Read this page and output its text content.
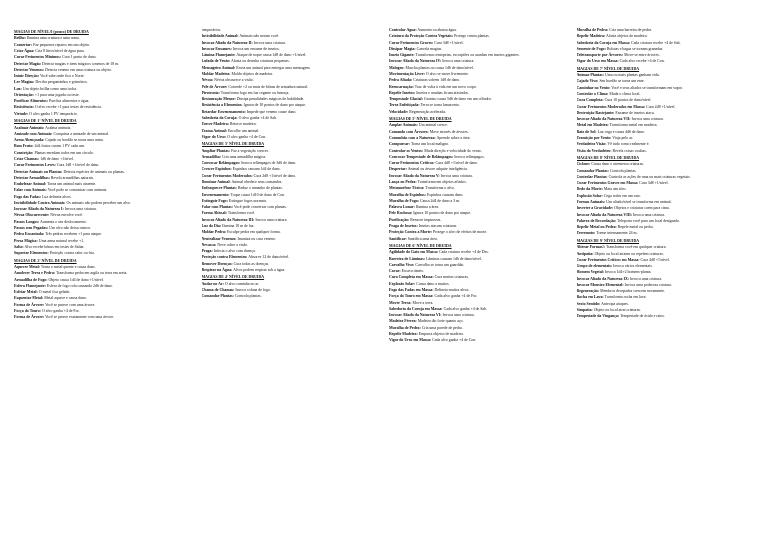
MAGIAS DE NÍVEL 0 (pouco) DE DRUIDA
Brilho: Ilumina uma criatura e uma arma.
Consertar: Faz pequenos reparos em um objeto.
Criar Água: Cria 8 litros/nível de água pura.
Curar Ferimentos Mínimos: Cura 1 ponto de dano.
Detectar Magia: Detecta magias e itens mágicos a menos de 18 m.
Detectar Venenos: Detecta veneno em uma criatura ou objeto.
Intuir Direção: Você sabe onde fica o Norte.
Ler Magias: Decifra pergaminhos e grimórios.
Luz: Um objeto brilha como uma tocha.
Orientação: +1 para uma jogada ou teste.
Purificar Alimentos: Purifica alimentos e água.
Resistência: O alvo recebe +1 para testes de resistência.
Virtude: O alvo ganha 1 PV temporário.
MAGIAS DE 1º NÍVEL DE DRUIDA
Acalmar Animais: Acalma animais.
Amizade com Animais: Conquista a amizade de um animal.
Arma Abençoada: Cajado ou bordão se torna uma arma.
Bom Fruto: 2d4 frutos curam 1 PV cada um.
Constrição: Plantas enredam todos em um círculo.
Criar Chamas: 1d6 de dano +1/nível.
Curar Ferimentos Leves: Cura 1d8 +1/nível de dano.
Detectar Animais ou Plantas: Detecta espécies de animais ou plantas.
Detectar Armadilhas: Revela armadilhas naturais.
Embelezar Animal: Torna um animal mais atraente.
Falar com Animais: Você pode se comunicar com animais.
Fogo das Fadas: Luz delineia alvos.
Invisibilidade Contra Animais: Os animais não podem perceber um alvo.
Invocar Aliado da Natureza I: Invoca uma criatura.
Névoa Obscurecente: Névoa envolve você.
Passos Longos: Aumenta o seu deslocamento.
Passos sem Pegadas: Um alvo não deixa rastros.
Pedra Encantada: Três pedras recebem +1 para ataque.
Presa Mágica: Uma arma natural recebe +1.
Salto: Alvo recebe bônus em testes de Saltar.
Suportar Elementos: Proteção contra calor ou frio.
MAGIAS DE 2º NÍVEL DE DRUIDA
Aquecer Metal: Torna o metal quente e causa dano.
Amolecer Terra e Pedra: Transforma pedra em argila ou terra em areia.
Armadilha de Fogo: Objeto causa 1d4 de dano +1/nível.
Esfera Flamejante: Esfera de fogo rola causando 2d6 de dano.
Esfriar Metal: O metal fica gelado.
Esquentar Metal: Metal aquece e causa dano.
Forma de Árvore: Você se parece com uma árvore.
Força do Touro: O alvo ganha +4 de For.
Forma de Árvore: Você se parece exatamente com uma árvore.
temporários.
Invisibilidade Animal: Animais não notam você.
Invocar Aliado da Natureza II: Invoca uma criatura.
Invocar Enxames: Invoca um enxame de insetos.
Lâmina Flamejante: Ataque de toque causa 1d8 de dano +1/nível.
Lufada de Vento: Afasta ou derruba criaturas pequenas.
Mensageiro Animal: Envia um animal para entregar uma mensagem.
Moldar Madeira: Molda objetos de madeira.
Névoa: Névoa obscurece a visão.
Pele de Árvore: Concede +2 ou mais de bônus de armadura natural.
Pirotecnia: Transforma fogo em luz cegante ou fumaça.
Restauração Menor: Dissipa penalidades mágicas de habilidade.
Resistência a Elementos: Ignora de 10 pontos de dano por ataque.
Retardar Envenenamento: Impede que veneno cause dano.
Sabedoria da Coruja: O alvo ganha +4 de Sab.
Torcer Madeira: Retorce madeira.
Trama Animal: Encolhe um animal.
Vigor do Urso: O alvo ganha +4 de Con.
MAGIAS DE 3º NÍVEL DE DRUIDA
Ampliar Plantas: Faz a vegetação crescer.
Armadilha: Cria uma armadilha mágica.
Convocar Relâmpagos: Invoca relâmpagos de 3d6 de dano.
Crescer Espinhos: Espinhos causam 1d4 de dano.
Curar Ferimentos Moderados: Cura 2d8 +1/nível de dano.
Dominar Animal: Animal obedece seus comandos.
Enfraquecer Plantas: Reduz o tamanho de plantas.
Envenenamento: Toque causa 1d10 de dano de Con.
Extinguir Fogo: Extingue fogos normais.
Falar com Plantas: Você pode conversar com plantas.
Forma Abissal: Transforma você.
Invocar Aliado da Natureza III: Invoca uma criatura.
Luz do Dia: Ilumina 18 m de luz.
Moldar Pedra: Esculpe pedra em qualquer forma.
Neutralizar Venenos: Imuniza ou cura veneno.
Nevasca: Neve cobre a visão.
Praga: Infecta o alvo com doença.
Proteção contra Elementos: Absorve 12 de dano/nível.
Remover Doenças: Cura todas as doenças.
Respirar na Água: Alvos podem respirar sob a água.
MAGIAS DE 4º NÍVEL DE DRUIDA
Andar no Ar: O alvo caminha no ar.
Chama de Chamas: Invoca coluna de fogo.
Comandar Plantas: Controla plantas.
Controlar Água: Aumenta ou abaixa água.
Criatura da Proteção Contra Vegetais: Protege contra plantas.
Curar Ferimentos Graves: Cura 3d8 +1/nível.
Dissipar Magia: Cancela magias.
Inseto Gigante: Transforma centopeias, escorpiões ou aranhas em insetos gigantes.
Invocar Aliado da Natureza IV: Invoca uma criatura.
Malogro: Murcha plantas ou causa 1d6 de dano/nível.
Movimentação Livre: O alvo se move livremente.
Pedra Afiada: Criaturas sofrem 1d8 de dano.
Reencarnação: Traz de volta à vida em um novo corpo.
Repelir Insetos: Insetos e aranhas ficam afastados.
Tempestade Glacial: Granizo causa 5d6 de dano em um cilindro.
Terra Enfeitiçada: Terra se torna lamacenta.
Velocidade: Regeneração acelerada.
MAGIAS DE 5º NÍVEL DE DRUIDA
Amplar Animais: Um animal cresce.
Comando com Árvores: Move através de árvores.
Comunhão com a Natureza: Aprende sobre a área.
Conspurcar: Torna um local maligno.
Controlar os Ventos: Muda direção e velocidade do vento.
Convocar Tempestade de Relâmpagos: Invoca relâmpagos.
Curar Ferimentos Críticos: Cura 4d8 +1/nível de dano.
Despertar: Animal ou árvore adquire inteligência.
Invocar Aliado da Natureza V: Invoca uma criatura.
Lança ou Pedra: Transforma em objetos afiados.
Metamorfose Tóxica: Transforma o alvo.
Muralha de Espinhos: Espinhos causam dano.
Muralha de Fogo: Causa 2d4 de dano a 3 m.
Palavra Lunar: Ilumina a área.
Pele Rochosa: Ignora 10 pontos de dano por ataque.
Purificação: Remove impurezas.
Praga de Insetos: Insetos atacam criaturas.
Proteção Contra a Morte: Protege o alvo de efeitos de morte.
Santificar: Santifica uma área.
MAGIAS DE 6º NÍVEL DE DRUIDA
Agilidade do Gato em Massa: Cada criatura recebe +4 de Des.
Barreira de Lâminas: Lâminas causam 1d6 de dano/nível.
Carvalho Vivo: Carvalho se torna um guardião.
Cavar: Escava túneis.
Cura Completa em Massa: Cura muitas criaturas.
Explosão Solar: Causa dano a muitos.
Fogo das Fadas em Massa: Delineia muitos alvos.
Força do Touro em Massa: Cada alvo ganha +4 de For.
Mover Terra: Move a terra.
Sabedoria da Coruja em Massa: Cada alvo ganha +4 de Sab.
Invocar Aliado da Natureza VI: Invoca uma criatura.
Madeira Férrea: Madeira tão forte quanto aço.
Muralha de Pedra: Cria uma parede de pedra.
Repelir Madeira: Empurra objetos de madeira.
Vigor do Urso em Massa: Cada alvo ganha +4 de Con.
Muralha de Pedra: Cria uma barreira de pedra.
Repelir Madeira: Afasta objetos de madeira.
Sabedoria da Coruja em Massa: Cada criatura recebe +4 de Sab.
Semente de Fogo: Bolotas e bagas se tornam granadas.
Teletransporte por Árvores: Move-se entre árvores.
Vigor do Urso em Massa: Cada alvo recebe +4 de Con.
MAGIAS DE 7º NÍVEL DE DRUIDA
Animar Plantas: Uma ou mais plantas ganham vida.
Cajado Vivo: Seu bordão se torna um ente.
Caminhar no Vento: Você e seus aliados se transformam em vapor.
Controlar o Clima: Muda o clima local.
Cura Completa: Cura 10 pontos de dano/nível.
Curar Ferimentos Moderados em Massa: Cura 2d8 +1/nível.
Destruição Rastejante: Enxame de insetos ataca.
Invocar Aliado da Natureza VII: Invoca uma criatura.
Metal em Madeira: Transforma metal em madeira.
Raio de Sol: Luz cega e causa 4d6 de dano.
Transição por Vento: Viaja pelo ar.
Verdadeira Visão: Vê tudo como realmente é.
Visão do Verdadeiro: Revela coisas ocultas.
MAGIAS DE 8º NÍVEL DE DRUIDA
Ciclone: Causa dano e arremessa criaturas.
Comandar Plantas: Controla plantas.
Controlar Plantas: Controla as ações de uma ou mais criaturas vegetais.
Curar Ferimentos Graves em Massa: Cura 3d8 +1/nível.
Dedo da Morte: Mata um alvo.
Explosão Solar: Cega todos em um raio.
Formas Animais: Um aliado/nível se transforma em animal.
Inverter a Gravidade: Objetos e criaturas caem para cima.
Invocar Aliado da Natureza VIII: Invoca uma criatura.
Palavra de Recordação: Teleporta você para um local designado.
Repelir Metal ou Pedra: Repele metal ou pedra.
Terremoto: Treme intensamente 24 m.
MAGIAS DE 9º NÍVEL DE DRUIDA
Alterar Formas!: Transforma você em qualquer criatura.
Antipatia: Objeto ou local atraem ou repelem criaturas.
Curar Ferimentos Críticos em Massa: Cura 4d8 +1/nível.
Grupo de elementais: Invoca vários elementais.
Homem Vegetal: Invoca 1d4+2 homens-planta.
Invocar Aliado da Natureza IX: Invoca uma criatura.
Invocar Monstro Elemental: Invoca uma poderosa criatura.
Regeneração: Membros decepados crescem novamente.
Rocha em Lava: Transforma rocha em lava.
Sexto Sentido: Antecipa ataques.
Simpatia: Objeto ou local atrai criaturas.
Tempestade da Vingança: Tempestade de ácido e raios.
